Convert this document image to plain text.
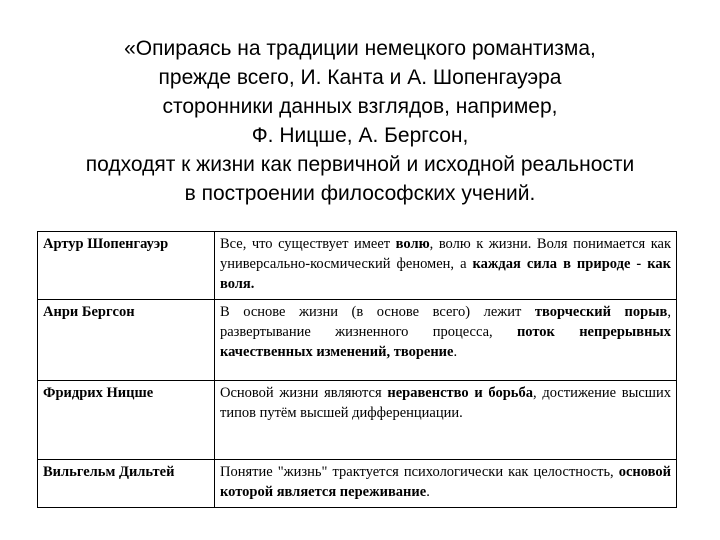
«Опираясь на традиции немецкого романтизма,
прежде всего, И. Канта и А. Шопенгауэра
сторонники данных взглядов, например,
Ф. Ницше, А. Бергсон,
подходят к жизни как первичной и исходной реальности
в построении философских учений.
Артур Шопенгауэр	Все, что существует имеет волю, волю к жизни. Воля понимается как универсально-космический феномен, а каждая сила в природе - как воля.
Анри Бергсон	В основе жизни (в основе всего) лежит творческий порыв, развертывание жизненного процесса, поток непрерывных качественных изменений, творение.
Фридрих Ницше	Основой жизни являются неравенство и борьба, достижение высших типов путём высшей дифференциации.
Вильгельм Дильтей	Понятие "жизнь" трактуется психологически как целостность, основой которой является переживание.
